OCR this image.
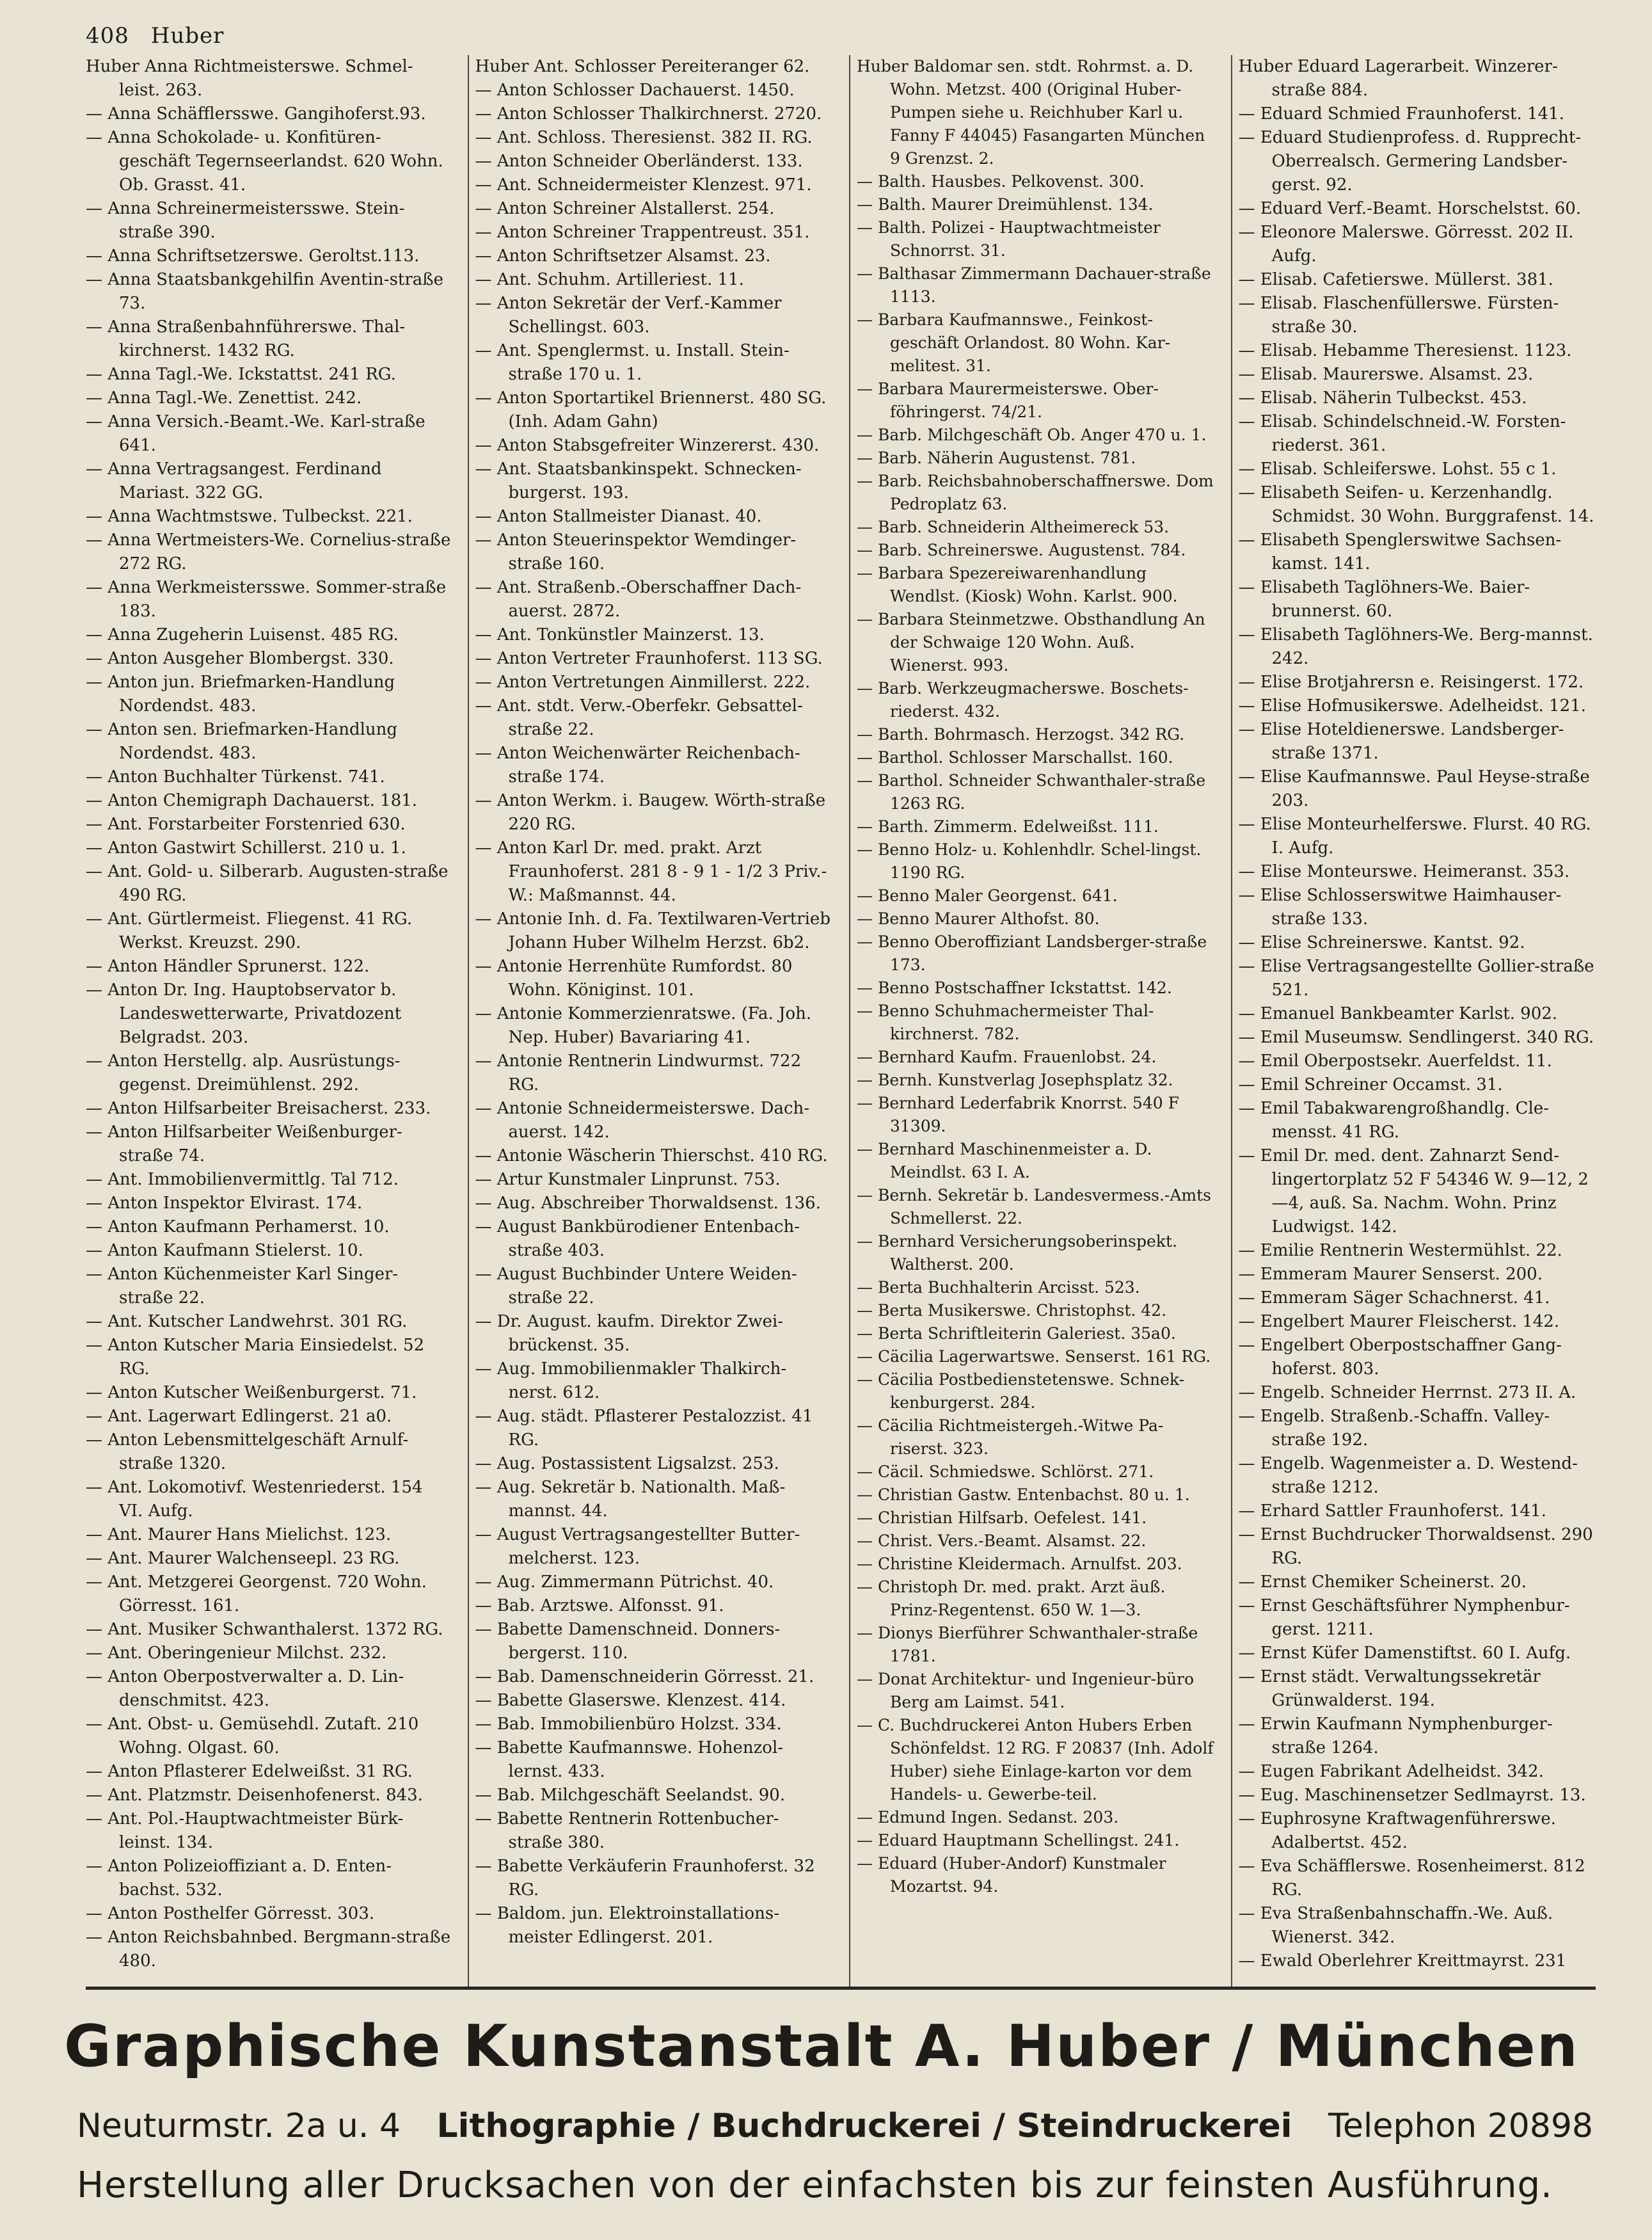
408 Huber

Huber Anna Richtmeisterswe. Schmel-leist. 263.

— Anna Schäfflersswe. Gangihoferst.93.

— Anna Schokolade- u. Konfitüren-geschäft Tegernseerlandst. 620 Wohn. Ob. Grasst. 41.

— Anna Schreinermeistersswe. Stein-straße 390.

— Anna Schriftsetzerswe. Geroltst.113.

— Anna Staatsbankgehilfin Aventin-straße 73.

— Anna Straßenbahnführerswe. Thal-kirchnerst. 1432 RG.

— Anna Tagl.-We. Ickstattst. 241 RG.

— Anna Tagl.-We. Zenettist. 242.

— Anna Versich.-Beamt.-We. Karl-straße 641.

— Anna Vertragsangest. Ferdinand Mariast. 322 GG.

— Anna Wachtmstswe. Tulbeckst. 221.

— Anna Wertmeisters-We. Cornelius-straße 272 RG.

— Anna Werkmeistersswe. Sommer-straße 183.

— Anna Zugeherin Luisenst. 485 RG.

— Anton Ausgeher Blombergst. 330.

— Anton jun. Briefmarken-Handlung Nordendst. 483.

— Anton sen. Briefmarken-Handlung Nordendst. 483.

— Anton Buchhalter Türkenst. 741.

— Anton Chemigraph Dachauerst. 181.

— Ant. Forstarbeiter Forstenried 630.

— Anton Gastwirt Schillerst. 210 u. 1.

— Ant. Gold- u. Silberarb. Augusten-straße 490 RG.

— Ant. Gürtlermeist. Fliegenst. 41 RG. Werkst. Kreuzst. 290.

— Anton Händler Sprunerst. 122.

— Anton Dr. Ing. Hauptobservator b. Landeswetterwarte, Privatdozent Belgradst. 203.

— Anton Herstellg. alp. Ausrüstungs-gegenst. Dreimühlenst. 292.

— Anton Hilfsarbeiter Breisacherst. 233.

— Anton Hilfsarbeiter Weißenburger-straße 74.

— Ant. Immobilienvermittlg. Tal 712.

— Anton Inspektor Elvirast. 174.

— Anton Kaufmann Perhamerst. 10.

— Anton Kaufmann Stielerst. 10.

— Anton Küchenmeister Karl Singer-straße 22.

— Ant. Kutscher Landwehrst. 301 RG.

— Anton Kutscher Maria Einsiedelst. 52 RG.

— Anton Kutscher Weißenburgerst. 71.

— Ant. Lagerwart Edlingerst. 21 a0.

— Anton Lebensmittelgeschäft Arnulf-straße 1320.

— Ant. Lokomotivf. Westenriederst. 154 VI. Aufg.

— Ant. Maurer Hans Mielichst. 123.

— Ant. Maurer Walchenseepl. 23 RG.

— Ant. Metzgerei Georgenst. 720 Wohn. Görresst. 161.

— Ant. Musiker Schwanthalerst. 1372 RG.

— Ant. Oberingenieur Milchst. 232.

— Anton Oberpostverwalter a. D. Lin-denschmitst. 423.

— Ant. Obst- u. Gemüsehdl. Zutaft. 210 Wohng. Olgast. 60.

— Anton Pflasterer Edelweißst. 31 RG.

— Ant. Platzmstr. Deisenhofenerst. 843.

— Ant. Pol.-Hauptwachtmeister Bürk-leinst. 134.

— Anton Polizeioffiziant a. D. Enten-bachst. 532.

— Anton Posthelfer Görresst. 303.

— Anton Reichsbahnbed. Bergmann-straße 480.

Huber Ant. Schlosser Pereiteranger 62.

— Anton Schlosser Dachauerst. 1450.

— Anton Schlosser Thalkirchnerst. 2720.

— Ant. Schloss. Theresienst. 382 II. RG.

— Anton Schneider Oberländerst. 133.

— Ant. Schneidermeister Klenzest. 971.

— Anton Schreiner Alstallerst. 254.

— Anton Schreiner Trappentreust. 351.

— Anton Schriftsetzer Alsamst. 23.

— Ant. Schuhm. Artilleriest. 11.

— Anton Sekretär der Verf.-Kammer Schellingst. 603.

— Ant. Spenglermst. u. Install. Stein-straße 170 u. 1.

— Anton Sportartikel Briennerst. 480 SG. (Inh. Adam Gahn)

— Anton Stabsgefreiter Winzererst. 430.

— Ant. Staatsbankinspekt. Schnecken-burgerst. 193.

— Anton Stallmeister Dianast. 40.

— Anton Steuerinspektor Wemdinger-straße 160.

— Ant. Straßenb.-Oberschaffner Dach-auerst. 2872.

— Ant. Tonkünstler Mainzerst. 13.

— Anton Vertreter Fraunhoferst. 113 SG.

— Anton Vertretungen Ainmillerst. 222.

— Ant. stdt. Verw.-Oberfekr. Gebsattel-straße 22.

— Anton Weichenwärter Reichenbach-straße 174.

— Anton Werkm. i. Baugew. Wörth-straße 220 RG.

— Anton Karl Dr. med. prakt. Arzt Fraunhoferst. 281 8 - 9 1 - 1/2 3 Priv.-W.: Maßmannst. 44.

— Antonie Inh. d. Fa. Textilwaren-Vertrieb Johann Huber Wilhelm Herzst. 6b2.

— Antonie Herrenhüte Rumfordst. 80 Wohn. Königinst. 101.

— Antonie Kommerzienratswe. (Fa. Joh. Nep. Huber) Bavariaring 41.

— Antonie Rentnerin Lindwurmst. 722 RG.

— Antonie Schneidermeisterswe. Dach-auerst. 142.

— Antonie Wäscherin Thierschst. 410 RG.

— Artur Kunstmaler Linprunst. 753.

— Aug. Abschreiber Thorwaldsenst. 136.

— August Bankbürodiener Entenbach-straße 403.

— August Buchbinder Untere Weiden-straße 22.

— Dr. August. kaufm. Direktor Zwei-brückenst. 35.

— Aug. Immobilienmakler Thalkirch-nerst. 612.

— Aug. städt. Pflasterer Pestalozzist. 41 RG.

— Aug. Postassistent Ligsalzst. 253.

— Aug. Sekretär b. Nationalth. Maß-mannst. 44.

— August Vertragsangestellter Butter-melcherst. 123.

— Aug. Zimmermann Pütrichst. 40.

— Bab. Arztswe. Alfonsst. 91.

— Babette Damenschneid. Donners-bergerst. 110.

— Bab. Damenschneiderin Görresst. 21.

— Babette Glaserswe. Klenzest. 414.

— Bab. Immobilienbüro Holzst. 334.

— Babette Kaufmannswe. Hohenzol-lernst. 433.

— Bab. Milchgeschäft Seelandst. 90.

— Babette Rentnerin Rottenbucher-straße 380.

— Babette Verkäuferin Fraunhoferst. 32 RG.

— Baldom. jun. Elektroinstallations-meister Edlingerst. 201.

Huber Baldomar sen. stdt. Rohrmst. a. D. Wohn. Metzst. 400 (Original Huber-Pumpen siehe u. Reichhuber Karl u. Fanny F 44045) Fasangarten München 9 Grenzst. 2.

— Balth. Hausbes. Pelkovenst. 300.

— Balth. Maurer Dreimühlenst. 134.

— Balth. Polizei - Hauptwachtmeister Schnorrst. 31.

— Balthasar Zimmermann Dachauer-straße 1113.

— Barbara Kaufmannswe., Feinkost-geschäft Orlandost. 80 Wohn. Kar-melitest. 31.

— Barbara Maurermeisterswe. Ober-föhringerst. 74/21.

— Barb. Milchgeschäft Ob. Anger 470 u. 1.

— Barb. Näherin Augustenst. 781.

— Barb. Reichsbahnoberschaffnerswe. Dom Pedroplatz 63.

— Barb. Schneiderin Altheimereck 53.

— Barb. Schreinerswe. Augustenst. 784.

— Barbara Spezereiwarenhandlung Wendlst. (Kiosk) Wohn. Karlst. 900.

— Barbara Steinmetzwe. Obsthandlung An der Schwaige 120 Wohn. Auß. Wienerst. 993.

— Barb. Werkzeugmacherswe. Boschets-riederst. 432.

— Barth. Bohrmasch. Herzogst. 342 RG.

— Barthol. Schlosser Marschallst. 160.

— Barthol. Schneider Schwanthaler-straße 1263 RG.

— Barth. Zimmerm. Edelweißst. 111.

— Benno Holz- u. Kohlenhdlr. Schel-lingst. 1190 RG.

— Benno Maler Georgenst. 641.

— Benno Maurer Althofst. 80.

— Benno Oberoffiziant Landsberger-straße 173.

— Benno Postschaffner Ickstattst. 142.

— Benno Schuhmachermeister Thal-kirchnerst. 782.

— Bernhard Kaufm. Frauenlobst. 24.

— Bernh. Kunstverlag Josephsplatz 32.

— Bernhard Lederfabrik Knorrst. 540 F 31309.

— Bernhard Maschinenmeister a. D. Meindlst. 63 I. A.

— Bernh. Sekretär b. Landesvermess.-Amts Schmellerst. 22.

— Bernhard Versicherungsoberinspekt. Waltherst. 200.

— Berta Buchhalterin Arcisst. 523.

— Berta Musikerswe. Christophst. 42.

— Berta Schriftleiterin Galeriest. 35a0.

— Cäcilia Lagerwartswe. Senserst. 161 RG.

— Cäcilia Postbedienstetenswe. Schnek-kenburgerst. 284.

— Cäcilia Richtmeistergeh.-Witwe Pa-riserst. 323.

— Cäcil. Schmiedswe. Schlörst. 271.

— Christian Gastw. Entenbachst. 80 u. 1.

— Christian Hilfsarb. Oefelest. 141.

— Christ. Vers.-Beamt. Alsamst. 22.

— Christine Kleidermach. Arnulfst. 203.

— Christoph Dr. med. prakt. Arzt äuß. Prinz-Regentenst. 650 W. 1—3.

— Dionys Bierführer Schwanthaler-straße 1781.

— Donat Architektur- und Ingenieur-büro Berg am Laimst. 541.

— C. Buchdruckerei Anton Hubers Erben Schönfeldst. 12 RG. F 20837 (Inh. Adolf Huber) siehe Einlage-karton vor dem Handels- u. Gewerbe-teil.

— Edmund Ingen. Sedanst. 203.

— Eduard Hauptmann Schellingst. 241.

— Eduard (Huber-Andorf) Kunstmaler Mozartst. 94.

Huber Eduard Lagerarbeit. Winzerer-straße 884.

— Eduard Schmied Fraunhoferst. 141.

— Eduard Studienprofess. d. Rupprecht-Oberrealsch. Germering Landsber-gerst. 92.

— Eduard Verf.-Beamt. Horschelstst. 60.

— Eleonore Malerswe. Görresst. 202 II. Aufg.

— Elisab. Cafetierswe. Müllerst. 381.

— Elisab. Flaschenfüllerswe. Fürsten-straße 30.

— Elisab. Hebamme Theresienst. 1123.

— Elisab. Maurerswe. Alsamst. 23.

— Elisab. Näherin Tulbeckst. 453.

— Elisab. Schindelschneid.-W. Forsten-riederst. 361.

— Elisab. Schleiferswe. Lohst. 55 c 1.

— Elisabeth Seifen- u. Kerzenhandlg. Schmidst. 30 Wohn. Burggrafenst. 14.

— Elisabeth Spenglerswitwe Sachsen-kamst. 141.

— Elisabeth Taglöhners-We. Baier-brunnerst. 60.

— Elisabeth Taglöhners-We. Berg-mannst. 242.

— Elise Brotjahrersn e. Reisingerst. 172.

— Elise Hofmusikerswe. Adelheidst. 121.

— Elise Hoteldienerswe. Landsberger-straße 1371.

— Elise Kaufmannswe. Paul Heyse-straße 203.

— Elise Monteurhelferswe. Flurst. 40 RG. I. Aufg.

— Elise Monteurswe. Heimeranst. 353.

— Elise Schlosserswitwe Haimhauser-straße 133.

— Elise Schreinerswe. Kantst. 92.

— Elise Vertragsangestellte Gollier-straße 521.

— Emanuel Bankbeamter Karlst. 902.

— Emil Museumsw. Sendlingerst. 340 RG.

— Emil Oberpostsekr. Auerfeldst. 11.

— Emil Schreiner Occamst. 31.

— Emil Tabakwarengroßhandlg. Cle-mensst. 41 RG.

— Emil Dr. med. dent. Zahnarzt Send-lingertorplatz 52 F 54346 W. 9—12, 2—4, auß. Sa. Nachm. Wohn. Prinz Ludwigst. 142.

— Emilie Rentnerin Westermühlst. 22.

— Emmeram Maurer Senserst. 200.

— Emmeram Säger Schachnerst. 41.

— Engelbert Maurer Fleischerst. 142.

— Engelbert Oberpostschaffner Gang-hoferst. 803.

— Engelb. Schneider Herrnst. 273 II. A.

— Engelb. Straßenb.-Schaffn. Valley-straße 192.

— Engelb. Wagenmeister a. D. Westend-straße 1212.

— Erhard Sattler Fraunhoferst. 141.

— Ernst Buchdrucker Thorwaldsenst. 290 RG.

— Ernst Chemiker Scheinerst. 20.

— Ernst Geschäftsführer Nymphenbur-gerst. 1211.

— Ernst Küfer Damenstiftst. 60 I. Aufg.

— Ernst städt. Verwaltungssekretär Grünwalderst. 194.

— Erwin Kaufmann Nymphenburger-straße 1264.

— Eugen Fabrikant Adelheidst. 342.

— Eug. Maschinensetzer Sedlmayrst. 13.

— Euphrosyne Kraftwagenführerswe. Adalbertst. 452.

— Eva Schäfflerswe. Rosenheimerst. 812 RG.

— Eva Straßenbahnschaffn.-We. Auß. Wienerst. 342.

— Ewald Oberlehrer Kreittmayrst. 231

Graphische Kunstanstalt A. Huber / München
Neuturmstr. 2a u. 4 Lithographie / Buchdruckerei / Steindruckerei Telephon 20898
Herstellung aller Drucksachen von der einfachsten bis zur feinsten Ausführung.
